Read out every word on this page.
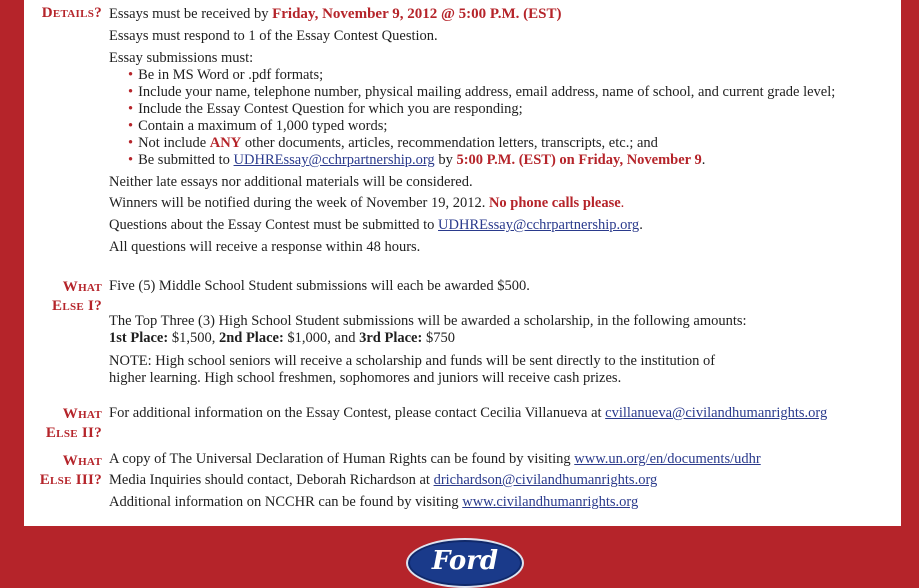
Details? Essays must be received by Friday, November 9, 2012 @ 5:00 P.M. (EST)
Essays must respond to 1 of the Essay Contest Question.
Essay submissions must:
• Be in MS Word or .pdf formats;
• Include your name, telephone number, physical mailing address, email address, name of school, and current grade level;
• Include the Essay Contest Question for which you are responding;
• Contain a maximum of 1,000 typed words;
• Not include ANY other documents, articles, recommendation letters, transcripts, etc.; and
• Be submitted to UDHREssay@cchrpartnership.org by 5:00 P.M. (EST) on Friday, November 9.
Neither late essays nor additional materials will be considered.
Winners will be notified during the week of November 19, 2012. No phone calls please.
Questions about the Essay Contest must be submitted to UDHREssay@cchrpartnership.org.
All questions will receive a response within 48 hours.
What
Else I?
Five (5) Middle School Student submissions will each be awarded $500.
The Top Three (3) High School Student submissions will be awarded a scholarship, in the following amounts:
1st Place: $1,500, 2nd Place: $1,000, and 3rd Place: $750
NOTE: High school seniors will receive a scholarship and funds will be sent directly to the institution of
higher learning. High school freshmen, sophomores and juniors will receive cash prizes.
What
Else II?
For additional information on the Essay Contest, please contact Cecilia Villanueva at cvillanueva@civilandhumanrights.org
What
Else III?
A copy of The Universal Declaration of Human Rights can be found by visiting www.un.org/en/documents/udhr
Media Inquiries should contact, Deborah Richardson at drichardson@civilandhumanrights.org
Additional information on NCCHR can be found by visiting www.civilandhumanrights.org
Ford
